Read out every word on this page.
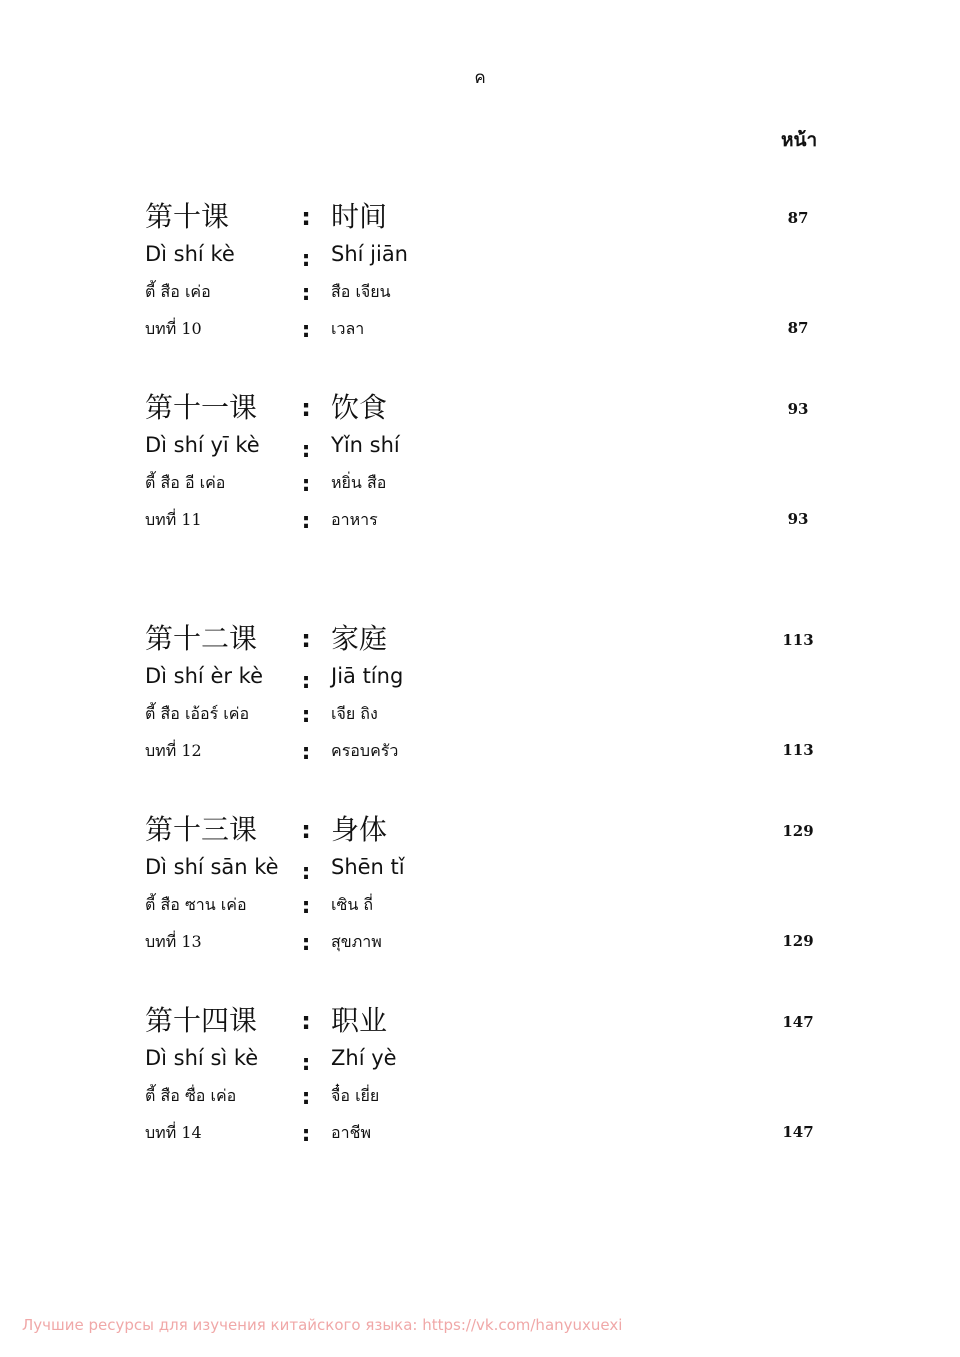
ค
หน้า
第十课	: 时间	87
Dì shí kè	: Shí jiān
ตี้ สือ เค่อ	: สือ เจียน
บทที่ 10	: เวลา	87
第十一课 : 饮食	93
Dì shí yī kè : Yǐn shí
ตี้ สือ อี เค่อ	: หยิ่น สือ
บทที่ 11	: อาหาร	93
第十二课 : 家庭	113
Dì shí èr kè : Jiā tíng
ตี้ สือ เอ้อร์ เค่อ : เจีย ถิง
บทที่ 12	: ครอบครัว	113
第十三课 : 身体	129
Dì shí sān kè : Shēn tǐ
ตี้ สือ ซาน เค่อ	: เซิน ถี่
บทที่ 13	: สุขภาพ	129
第十四课 : 职业	147
Dì shí sì kè : Zhí yè
ตี้ สือ ซื่อ เค่อ	: จื๋อ เยี่ย
บทที่ 14	: อาชีพ	147
Лучшие ресурсы для изучения китайского языка: https://vk.com/hanyuxuexi
